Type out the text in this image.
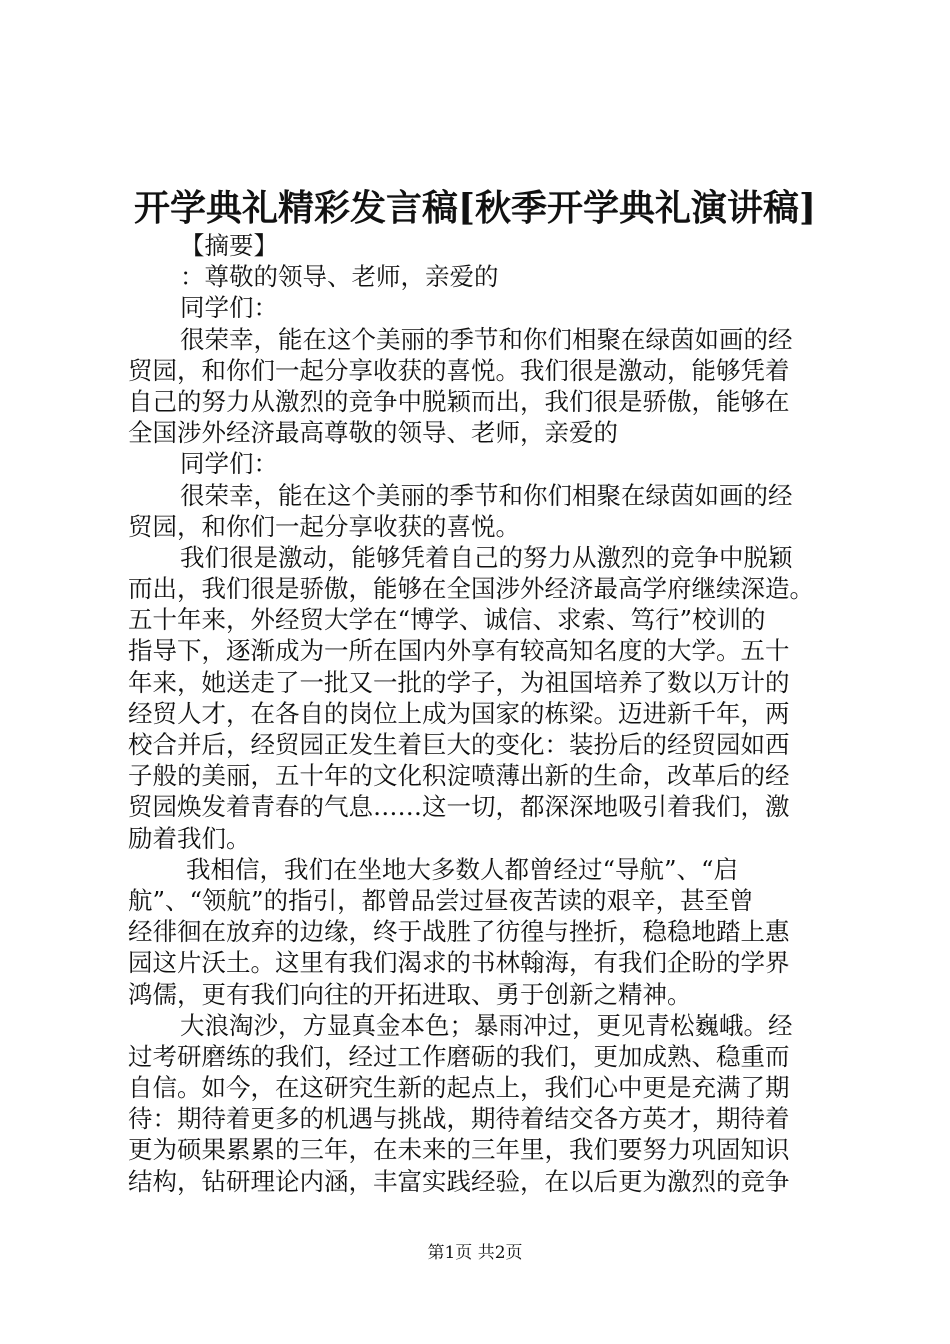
开学典礼精彩发言稿[秋季开学典礼演讲稿]
【摘要】
：尊敬的领导、老师，亲爱的
同学们：
很荣幸，能在这个美丽的季节和你们相聚在绿茵如画的经
贸园，和你们一起分享收获的喜悦。我们很是激动，能够凭着
自己的努力从激烈的竞争中脱颖而出，我们很是骄傲，能够在
全国涉外经济最高尊敬的领导、老师，亲爱的
同学们：
很荣幸，能在这个美丽的季节和你们相聚在绿茵如画的经
贸园，和你们一起分享收获的喜悦。
我们很是激动，能够凭着自己的努力从激烈的竞争中脱颖
而出，我们很是骄傲，能够在全国涉外经济最高学府继续深造。
五十年来，外经贸大学在“博学、诚信、求索、笃行”校训的
指导下，逐渐成为一所在国内外享有较高知名度的大学。五十
年来，她送走了一批又一批的学子，为祖国培养了数以万计的
经贸人才，在各自的岗位上成为国家的栋梁。迈进新千年，两
校合并后，经贸园正发生着巨大的变化：装扮后的经贸园如西
子般的美丽，五十年的文化积淀喷薄出新的生命，改革后的经
贸园焕发着青春的气息……这一切，都深深地吸引着我们，激
励着我们。
我相信，我们在坐地大多数人都曾经过“导航”、“启
航”、“领航”的指引，都曾品尝过昼夜苦读的艰辛，甚至曾
经徘徊在放弃的边缘，终于战胜了彷徨与挫折，稳稳地踏上惠
园这片沃土。这里有我们渴求的书林翰海，有我们企盼的学界
鸿儒，更有我们向往的开拓进取、勇于创新之精神。
大浪淘沙，方显真金本色；暴雨冲过，更见青松巍峨。经
过考研磨练的我们，经过工作磨砺的我们，更加成熟、稳重而
自信。如今，在这研究生新的起点上，我们心中更是充满了期
待：期待着更多的机遇与挑战，期待着结交各方英才，期待着
更为硕果累累的三年，在未来的三年里，我们要努力巩固知识
结构，钻研理论内涵，丰富实践经验，在以后更为激烈的竞争
第1页 共2页
